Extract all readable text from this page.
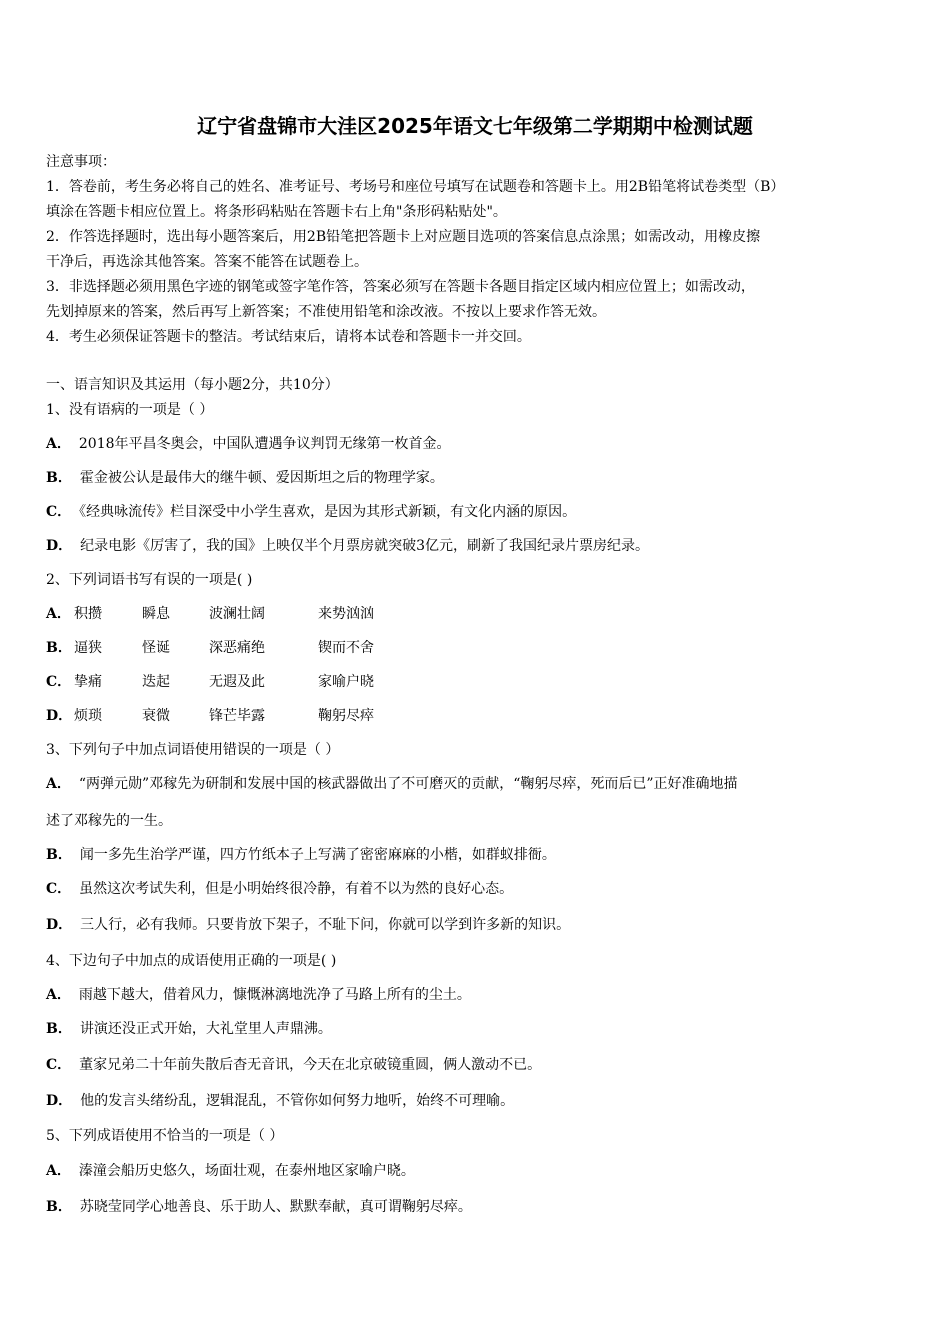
辽宁省盘锦市大洼区2025年语文七年级第二学期期中检测试题

注意事项：

1．答卷前，考生务必将自己的姓名、准考证号、考场号和座位号填写在试题卷和答题卡上。用2B铅笔将试卷类型（B）

填涂在答题卡相应位置上。将条形码粘贴在答题卡右上角"条形码粘贴处"。

2．作答选择题时，选出每小题答案后，用2B铅笔把答题卡上对应题目选项的答案信息点涂黑；如需改动，用橡皮擦

干净后，再选涂其他答案。答案不能答在试题卷上。

3．非选择题必须用黑色字迹的钢笔或签字笔作答，答案必须写在答题卡各题目指定区域内相应位置上；如需改动，

先划掉原来的答案，然后再写上新答案；不准使用铅笔和涂改液。不按以上要求作答无效。

4．考生必须保证答题卡的整洁。考试结束后，请将本试卷和答题卡一并交回。

一、语言知识及其运用（每小题2分，共10分）
1、没有语病的一项是（ ）
A． 2018年平昌冬奥会，中国队遭遇争议判罚无缘第一枚首金。
B． 霍金被公认是最伟大的继牛顿、爱因斯坦之后的物理学家。
C． 《经典咏流传》栏目深受中小学生喜欢，是因为其形式新颖，有文化内涵的原因。
D． 纪录电影《厉害了，我的国》上映仅半个月票房就突破3亿元，刷新了我国纪录片票房纪录。
2、下列词语书写有误的一项是( )
A． 积攒	瞬息	波澜壮阔	来势汹汹
B． 逼狭	怪诞	深恶痛绝	锲而不舍
C． 挚痛	迭起	无遐及此	家喻户晓
D． 烦琐	衰微	锋芒毕露	鞠躬尽瘁
3、下列句子中加点词语使用错误的一项是（ ）
A． “两弹元勋”邓稼先为研制和发展中国的核武器做出了不可磨灭的贡献，“鞠躬尽瘁，死而后已”正好准确地描
述了邓稼先的一生。
B． 闻一多先生治学严谨，四方竹纸本子上写满了密密麻麻的小楷，如群蚁排衙。
C． 虽然这次考试失利，但是小明始终很冷静，有着不以为然的良好心态。
D． 三人行，必有我师。只要肯放下架子，不耻下问，你就可以学到许多新的知识。
4、下边句子中加点的成语使用正确的一项是( )
A． 雨越下越大，借着风力，慷慨淋漓地洗净了马路上所有的尘土。
B． 讲演还没正式开始，大礼堂里人声鼎沸。
C． 董家兄弟二十年前失散后杳无音讯，今天在北京破镜重圆，俩人激动不已。
D． 他的发言头绪纷乱，逻辑混乱，不管你如何努力地听，始终不可理喻。
5、下列成语使用不恰当的一项是（ ）
A． 溱潼会船历史悠久，场面壮观，在泰州地区家喻户晓。
B． 苏晓莹同学心地善良、乐于助人、默默奉献，真可谓鞠躬尽瘁。
